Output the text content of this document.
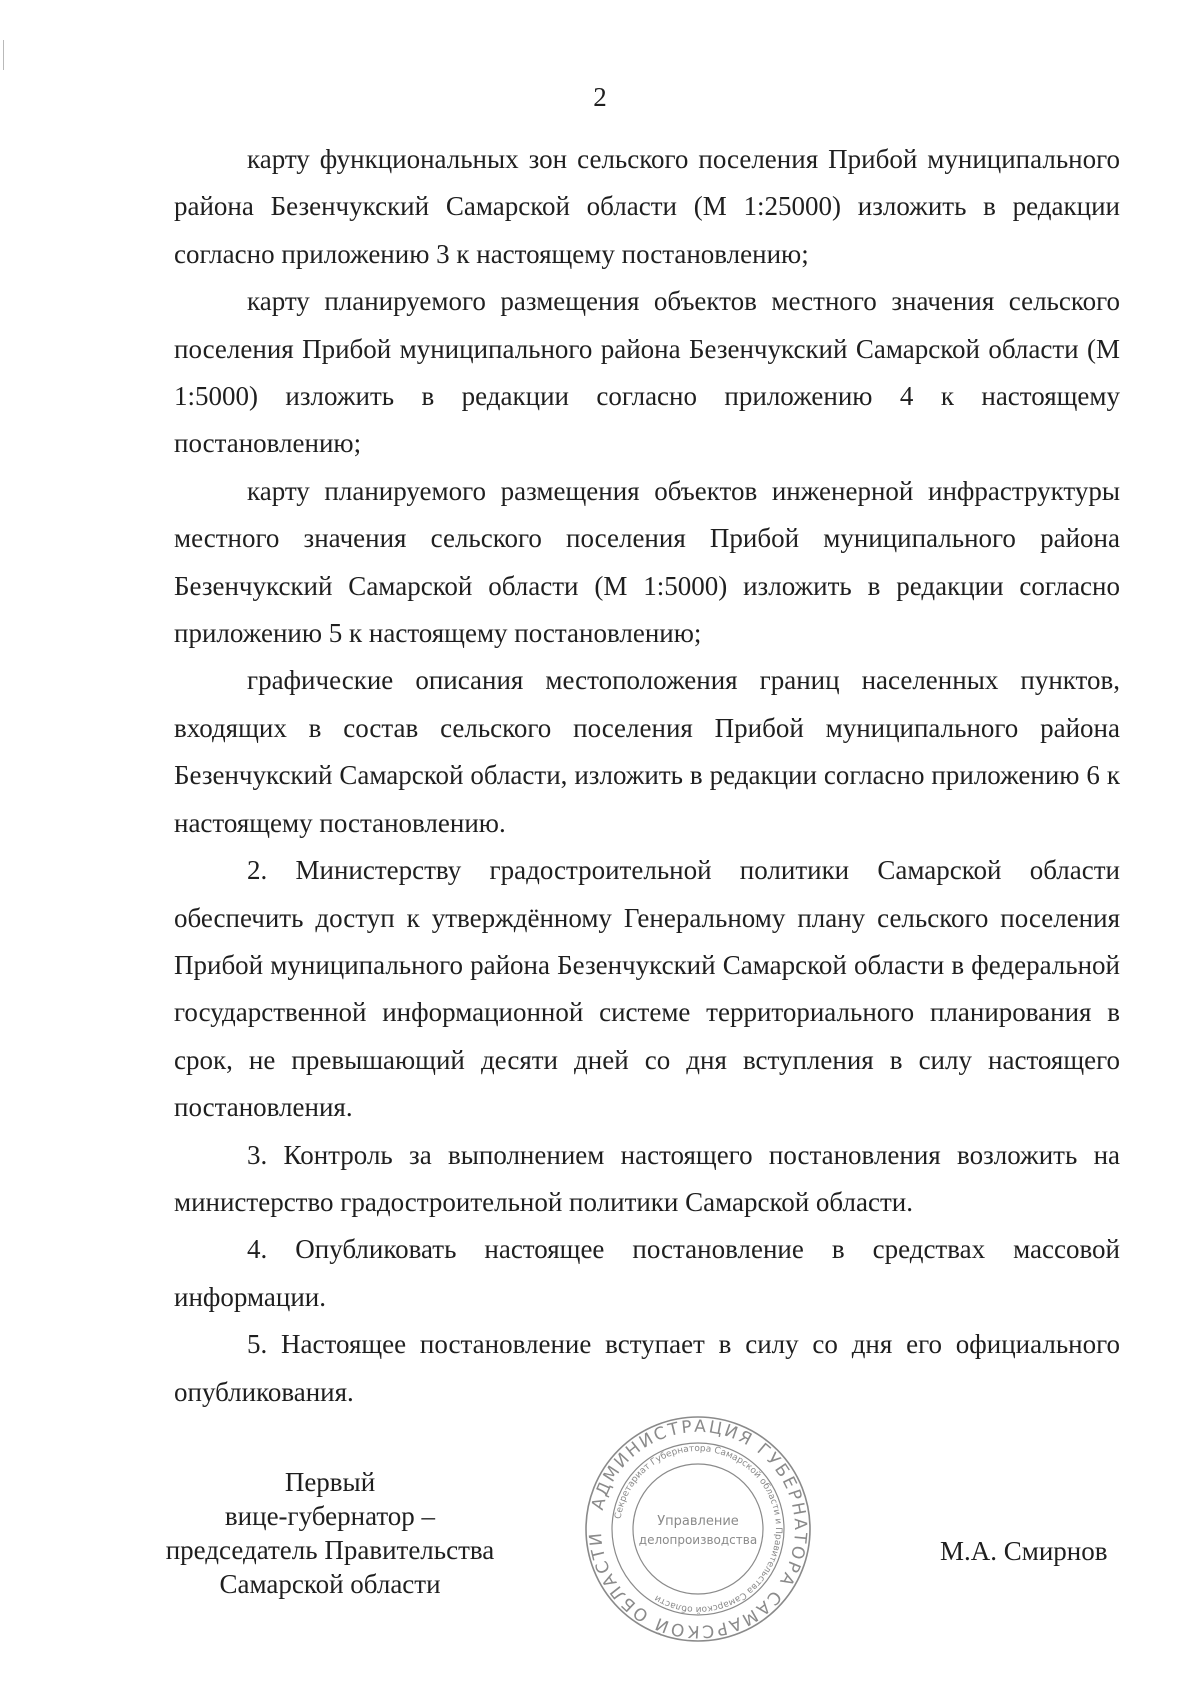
2

карту функциональных зон сельского поселения Прибой муниципального района Безенчукский Самарской области (М 1:25000) изложить в редакции согласно приложению 3 к настоящему постановлению;

карту планируемого размещения объектов местного значения сельского поселения Прибой муниципального района Безенчукский Самарской области (М 1:5000) изложить в редакции согласно приложению 4 к настоящему постановлению;

карту планируемого размещения объектов инженерной инфраструктуры местного значения сельского поселения Прибой муниципального района Безенчукский Самарской области (М 1:5000) изложить в редакции согласно приложению 5 к настоящему постановлению;

графические описания местоположения границ населенных пунктов, входящих в состав сельского поселения Прибой муниципального района Безенчукский Самарской области, изложить в редакции согласно приложению 6 к настоящему постановлению.

2. Министерству градостроительной политики Самарской области обеспечить доступ к утверждённому Генеральному плану сельского поселения Прибой муниципального района Безенчукский Самарской области в федеральной государственной информационной системе территориального планирования в срок, не превышающий десяти дней со дня вступления в силу настоящего постановления.

3. Контроль за выполнением настоящего постановления возложить на министерство градостроительной политики Самарской области.

4. Опубликовать настоящее постановление в средствах массовой информации.

5. Настоящее постановление вступает в силу со дня его официального опубликования.

Первый
вице-губернатор –
председатель Правительства
Самарской области
АДМИНИСТРАЦИЯ ГУБЕРНАТОРА САМАРСКОЙ ОБЛАСТИ
Секретариат Губернатора Самарской области и Правительства Самарской области
Управление
делопроизводства	М.А. Смирнов
